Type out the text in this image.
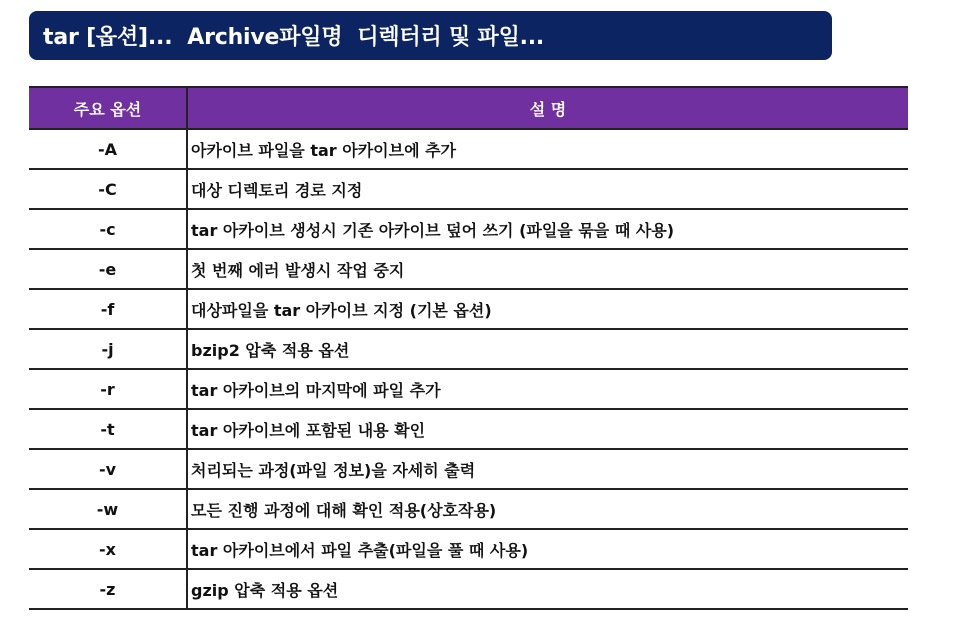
tar [옵션]...  Archive파일명  디렉터리 및 파일...
주요 옵션	설 명
-A	아카이브 파일을 tar 아카이브에 추가
-C	대상 디렉토리 경로 지정
-c	tar 아카이브 생성시 기존 아카이브 덮어 쓰기 (파일을 묶을 때 사용)
-e	첫 번째 에러 발생시 작업 중지
-f	대상파일을 tar 아카이브 지정 (기본 옵션)
-j	bzip2 압축 적용 옵션
-r	tar 아카이브의 마지막에 파일 추가
-t	tar 아카이브에 포함된 내용 확인
-v	처리되는 과정(파일 정보)을 자세히 출력
-w	모든 진행 과정에 대해 확인 적용(상호작용)
-x	tar 아카이브에서 파일 추출(파일을 풀 때 사용)
-z	gzip 압축 적용 옵션
